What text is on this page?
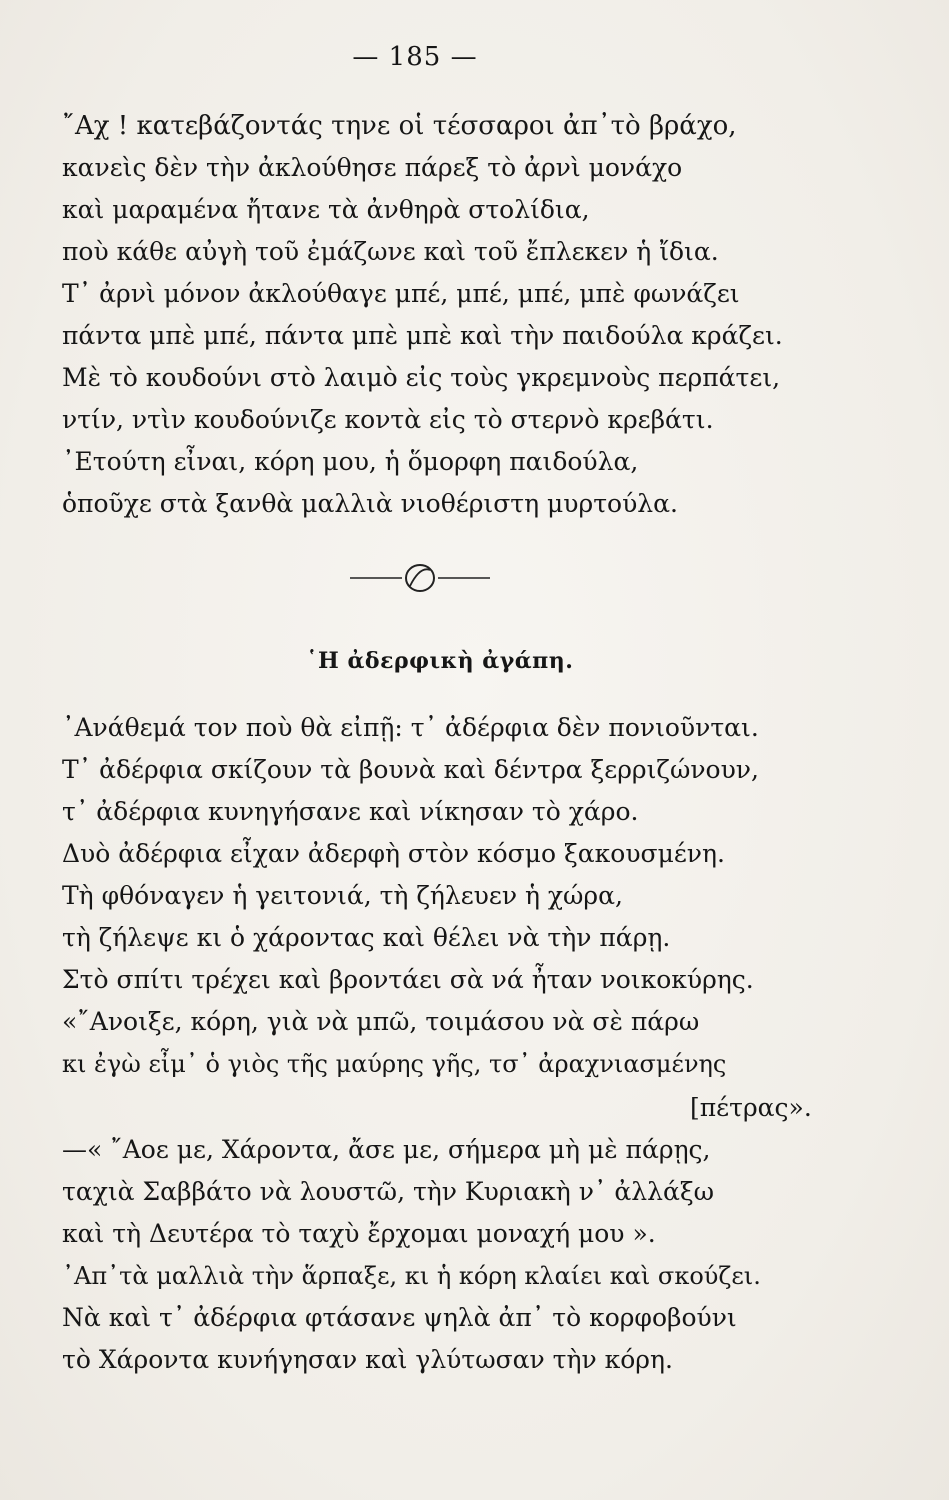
— 185 —
῎Αχ ! κατεβάζοντάς τηνε οἱ τέσσαροι ἀπ᾽τὸ βράχο,
κανεὶς δὲν τὴν ἀκλούθησε πάρεξ τὸ ἀρνὶ μονάχο
καὶ μαραμένα ἤτανε τὰ ἀνθηρὰ στολίδια,
ποὺ κάθε αὐγὴ τοῦ ἐμάζωνε καὶ τοῦ ἔπλεκεν ἡ ἴδια.
Τ᾽ ἀρνὶ μόνον ἀκλούθαγε μπέ, μπέ, μπέ, μπὲ φωνάζει
πάντα μπὲ μπέ, πάντα μπὲ μπὲ καὶ τὴν παιδούλα κράζει.
Μὲ τὸ κουδούνι στὸ λαιμὸ εἰς τοὺς γκρεμνοὺς περπάτει,
ντίν, ντὶν κουδούνιζε κοντὰ εἰς τὸ στερνὸ κρεβάτι.
᾽Ετούτη εἶναι, κόρη μου, ἡ ὅμορφη παιδούλα,
ὁποῦχε στὰ ξανθὰ μαλλιὰ νιοθέριστη μυρτούλα.
῾Η ἀδερφικὴ ἀγάπη.
᾽Ανάθεμά τον ποὺ θὰ εἰπῇ: τ᾽ ἀδέρφια δὲν πονιοῦνται.
Τ᾽ ἀδέρφια σκίζουν τὰ βουνὰ καὶ δέντρα ξερριζώνουν,
τ᾽ ἀδέρφια κυνηγήσανε καὶ νίκησαν τὸ χάρο.
Δυὸ ἀδέρφια εἶχαν ἀδερφὴ στὸν κόσμο ξακουσμένη.
Τὴ φθόναγεν ἡ γειτονιά, τὴ ζήλευεν ἡ χώρα,
τὴ ζήλεψε κι ὁ χάροντας καὶ θέλει νὰ τὴν πάρῃ.
Στὸ σπίτι τρέχει καὶ βροντάει σὰ νά ἦταν νοικοκύρης.
«῎Ανοιξε, κόρη, γιὰ νὰ μπῶ, τοιμάσου νὰ σὲ πάρω
κι ἐγὼ εἶμ᾽ ὁ γιὸς τῆς μαύρης γῆς, τσ᾽ ἀραχνιασμένης
[πέτρας».
—« ῎Αοε με, Χάροντα, ἄσε με, σήμερα μὴ μὲ πάρῃς,
ταχιὰ Σαββάτο νὰ λουστῶ, τὴν Κυριακὴ ν᾽ ἀλλάξω
καὶ τὴ Δευτέρα τὸ ταχὺ ἔρχομαι μοναχή μου ».
᾽Απ᾽τὰ μαλλιὰ τὴν ἅρπαξε, κι ἡ κόρη κλαίει καὶ σκούζει.
Νὰ καὶ τ᾽ ἀδέρφια φτάσανε ψηλὰ ἀπ᾽ τὸ κορφοβούνι
τὸ Χάροντα κυνήγησαν καὶ γλύτωσαν τὴν κόρη.
